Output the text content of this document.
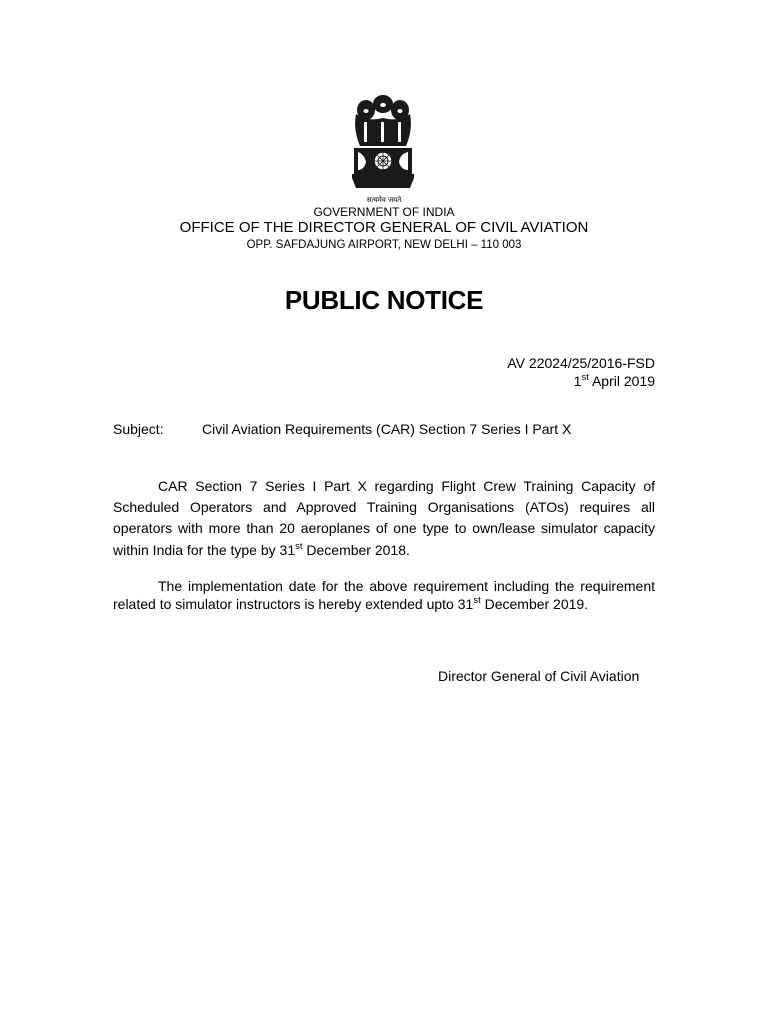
सत्यमेव जयते
GOVERNMENT OF INDIA
OFFICE OF THE DIRECTOR GENERAL OF CIVIL AVIATION
OPP. SAFDAJUNG AIRPORT, NEW DELHI – 110 003
PUBLIC NOTICE
AV 22024/25/2016-FSD
1st April 2019
Subject:	Civil Aviation Requirements (CAR) Section 7 Series I Part X
CAR Section 7 Series I Part X regarding Flight Crew Training Capacity of Scheduled Operators and Approved Training Organisations (ATOs) requires all operators with more than 20 aeroplanes of one type to own/lease simulator capacity within India for the type by 31st December 2018.
The implementation date for the above requirement including the requirement related to simulator instructors is hereby extended upto 31st December 2019.
Director General of Civil Aviation
